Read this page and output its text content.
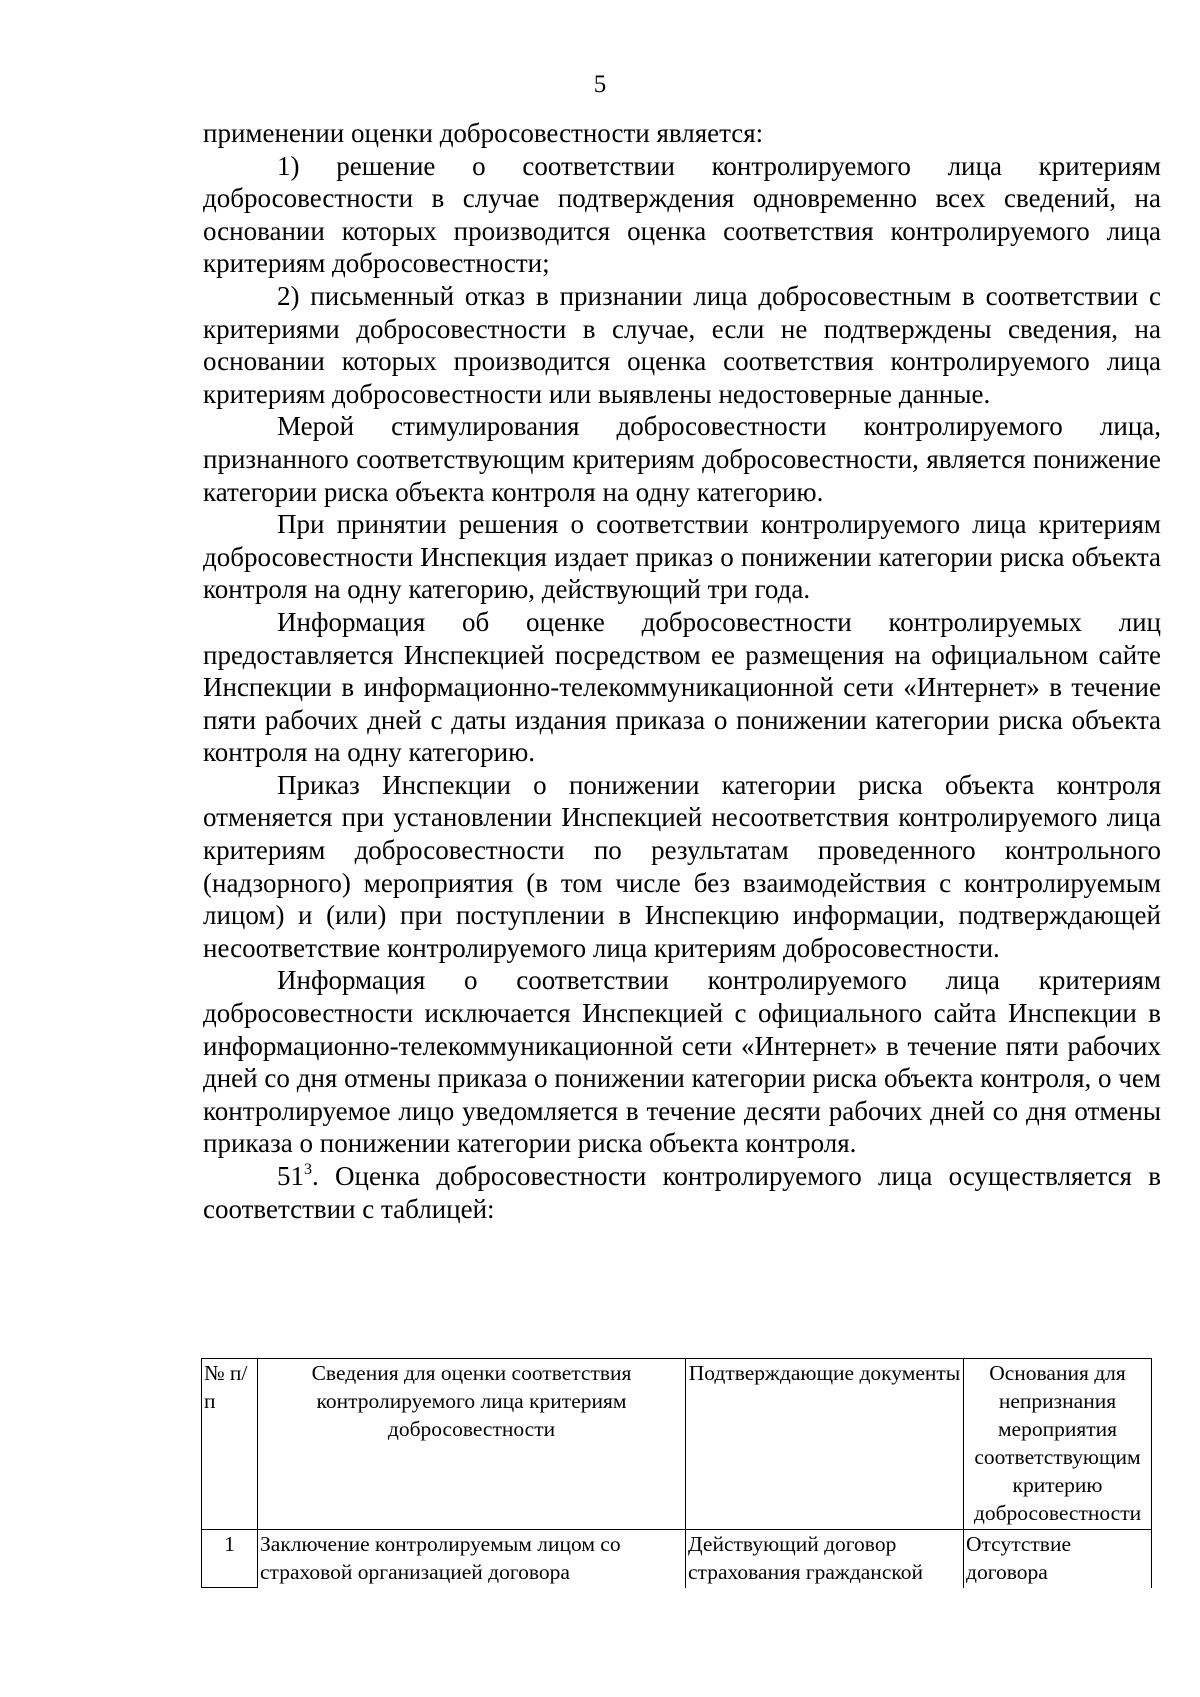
5

применении оценки добросовестности является:

1) решение о соответствии контролируемого лица критериям добросовестности в случае подтверждения одновременно всех сведений, на основании которых производится оценка соответствия контролируемого лица критериям добросовестности;

2) письменный отказ в признании лица добросовестным в соответствии с критериями добросовестности в случае, если не подтверждены сведения, на основании которых производится оценка соответствия контролируемого лица критериям добросовестности или выявлены недостоверные данные.

Мерой стимулирования добросовестности контролируемого лица, признанного соответствующим критериям добросовестности, является понижение категории риска объекта контроля на одну категорию.

При принятии решения о соответствии контролируемого лица критериям добросовестности Инспекция издает приказ о понижении категории риска объекта контроля на одну категорию, действующий три года.

Информация об оценке добросовестности контролируемых лиц предоставляется Инспекцией посредством ее размещения на официальном сайте Инспекции в информационно-телекоммуникационной сети «Интернет» в течение пяти рабочих дней с даты издания приказа о понижении категории риска объекта контроля на одну категорию.

Приказ Инспекции о понижении категории риска объекта контроля отменяется при установлении Инспекцией несоответствия контролируемого лица критериям добросовестности по результатам проведенного контрольного (надзорного) мероприятия (в том числе без взаимодействия с контролируемым лицом) и (или) при поступлении в Инспекцию информации, подтверждающей несоответствие контролируемого лица критериям добросовестности.

Информация о соответствии контролируемого лица критериям добросовестности исключается Инспекцией с официального сайта Инспекции в информационно-телекоммуникационной сети «Интернет» в течение пяти рабочих дней со дня отмены приказа о понижении категории риска объекта контроля, о чем контролируемое лицо уведомляется в течение десяти рабочих дней со дня отмены приказа о понижении категории риска объекта контроля.

$51^3$. Оценка добросовестности контролируемого лица осуществляется в соответствии с таблицей:

№ п/п	Сведения для оценки соответствия контролируемого лица критериям добросовестности	Подтверждающие документы	Основания для непризнания мероприятия соответствующим критерию добросовестности
1	Заключение контролируемым лицом со страховой организацией договора	Действующий договор страхования гражданской	Отсутствие договора
